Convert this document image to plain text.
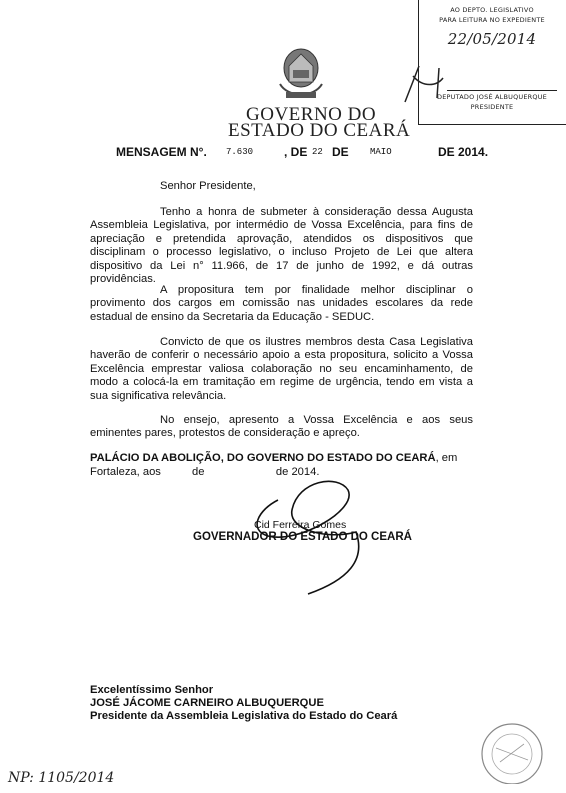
AO DEPTO. LEGISLATIVO
PARA LEITURA NO EXPEDIENTE
22/05/2014
DEPUTADO JOSÉ ALBUQUERQUE
PRESIDENTE
GOVERNO DO
ESTADO DO CEARÁ
MENSAGEM N°. 7.630	, DE 22 DE MAIO	DE 2014.
Senhor Presidente,

Tenho a honra de submeter à consideração dessa Augusta Assembleia Legislativa, por intermédio de Vossa Excelência, para fins de apreciação e pretendida aprovação, atendidos os dispositivos que disciplinam o processo legislativo, o incluso Projeto de Lei que altera dispositivo da Lei n° 11.966, de 17 de junho de 1992, e dá outras providências.

A propositura tem por finalidade melhor disciplinar o provimento dos cargos em comissão nas unidades escolares da rede estadual de ensino da Secretaria da Educação - SEDUC.

Convicto de que os ilustres membros desta Casa Legislativa haverão de conferir o necessário apoio a esta propositura, solicito a Vossa Excelência emprestar valiosa colaboração no seu encaminhamento, de modo a colocá-la em tramitação em regime de urgência, tendo em vista a sua significativa relevância.

No ensejo, apresento a Vossa Excelência e aos seus eminentes pares, protestos de consideração e apreço.

PALÁCIO DA ABOLIÇÃO, DO GOVERNO DO ESTADO DO CEARÁ, em
Fortaleza, aos          de                       de 2014.
Cid Ferreira Gomes
GOVERNADOR DO ESTADO DO CEARÁ
Excelentíssimo Senhor
JOSÉ JÁCOME CARNEIRO ALBUQUERQUE
Presidente da Assembleia Legislativa do Estado do Ceará
NP: 1105/2014
